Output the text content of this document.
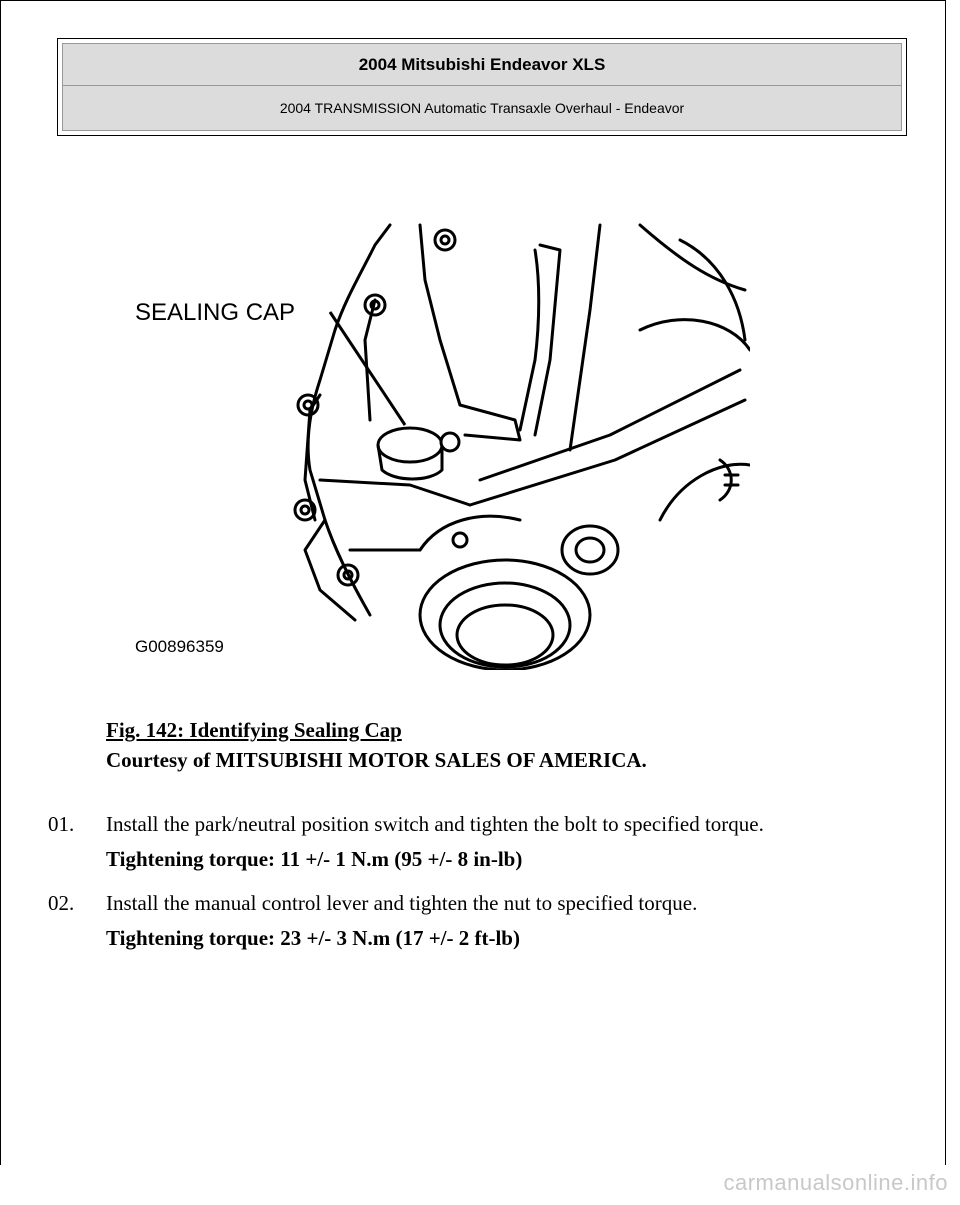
2004 Mitsubishi Endeavor XLS
2004 TRANSMISSION Automatic Transaxle Overhaul - Endeavor
SEALING CAP
G00896359
Fig. 142: Identifying Sealing Cap
Courtesy of MITSUBISHI MOTOR SALES OF AMERICA.
01. Install the park/neutral position switch and tighten the bolt to specified torque.
Tightening torque: 11 +/- 1 N.m (95 +/- 8 in-lb)
02. Install the manual control lever and tighten the nut to specified torque.
Tightening torque: 23 +/- 3 N.m (17 +/- 2 ft-lb)
carmanualsonline.info
